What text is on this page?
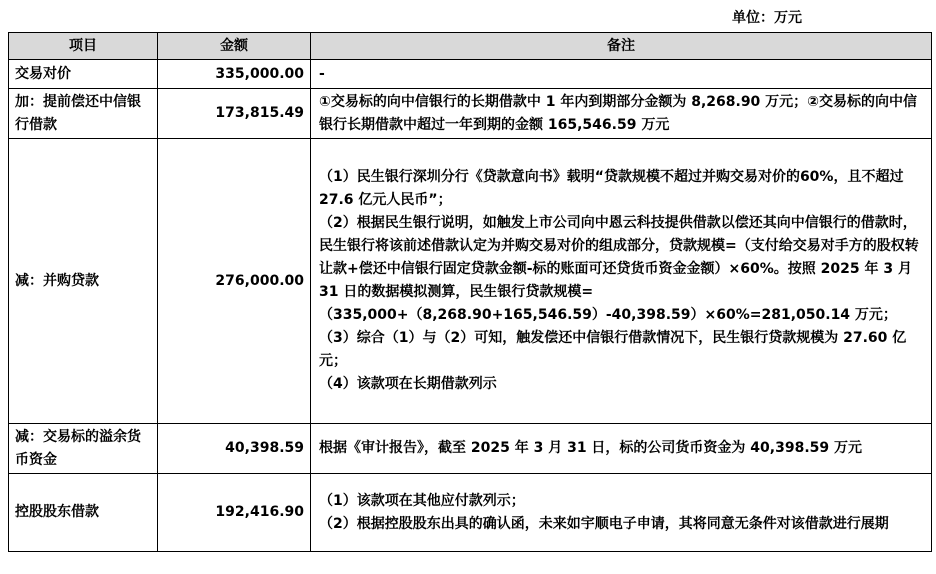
单位：万元
项目	金额	备注
交易对价	335,000.00	-

加：提前偿还中信银行借款	173,815.49	①交易标的向中信银行的长期借款中 1 年内到期部分金额为 8,268.90 万元；②交易标的向中信银行长期借款中超过一年到期的金额 165,546.59 万元

减：并购贷款	276,000.00	（1）民生银行深圳分行《贷款意向书》载明“贷款规模不超过并购交易对价的60%，且不超过 27.6 亿元人民币”；
（2）根据民生银行说明，如触发上市公司向中恩云科技提供借款以偿还其向中信银行的借款时，民生银行将该前述借款认定为并购交易对价的组成部分，贷款规模=（支付给交易对手方的股权转让款+偿还中信银行固定贷款金额-标的账面可还贷货币资金金额）×60%。按照 2025 年 3 月 31 日的数据模拟测算，民生银行贷款规模=（335,000+（8,268.90+165,546.59）-40,398.59）×60%=281,050.14 万元；
（3）综合（1）与（2）可知，触发偿还中信银行借款情况下，民生银行贷款规模为 27.60 亿元；
（4）该款项在长期借款列示

减：交易标的溢余货币资金	40,398.59	根据《审计报告》，截至 2025 年 3 月 31 日，标的公司货币资金为 40,398.59 万元

控股股东借款	192,416.90	（1）该款项在其他应付款列示；
（2）根据控股股东出具的确认函，未来如宇顺电子申请，其将同意无条件对该借款进行展期
